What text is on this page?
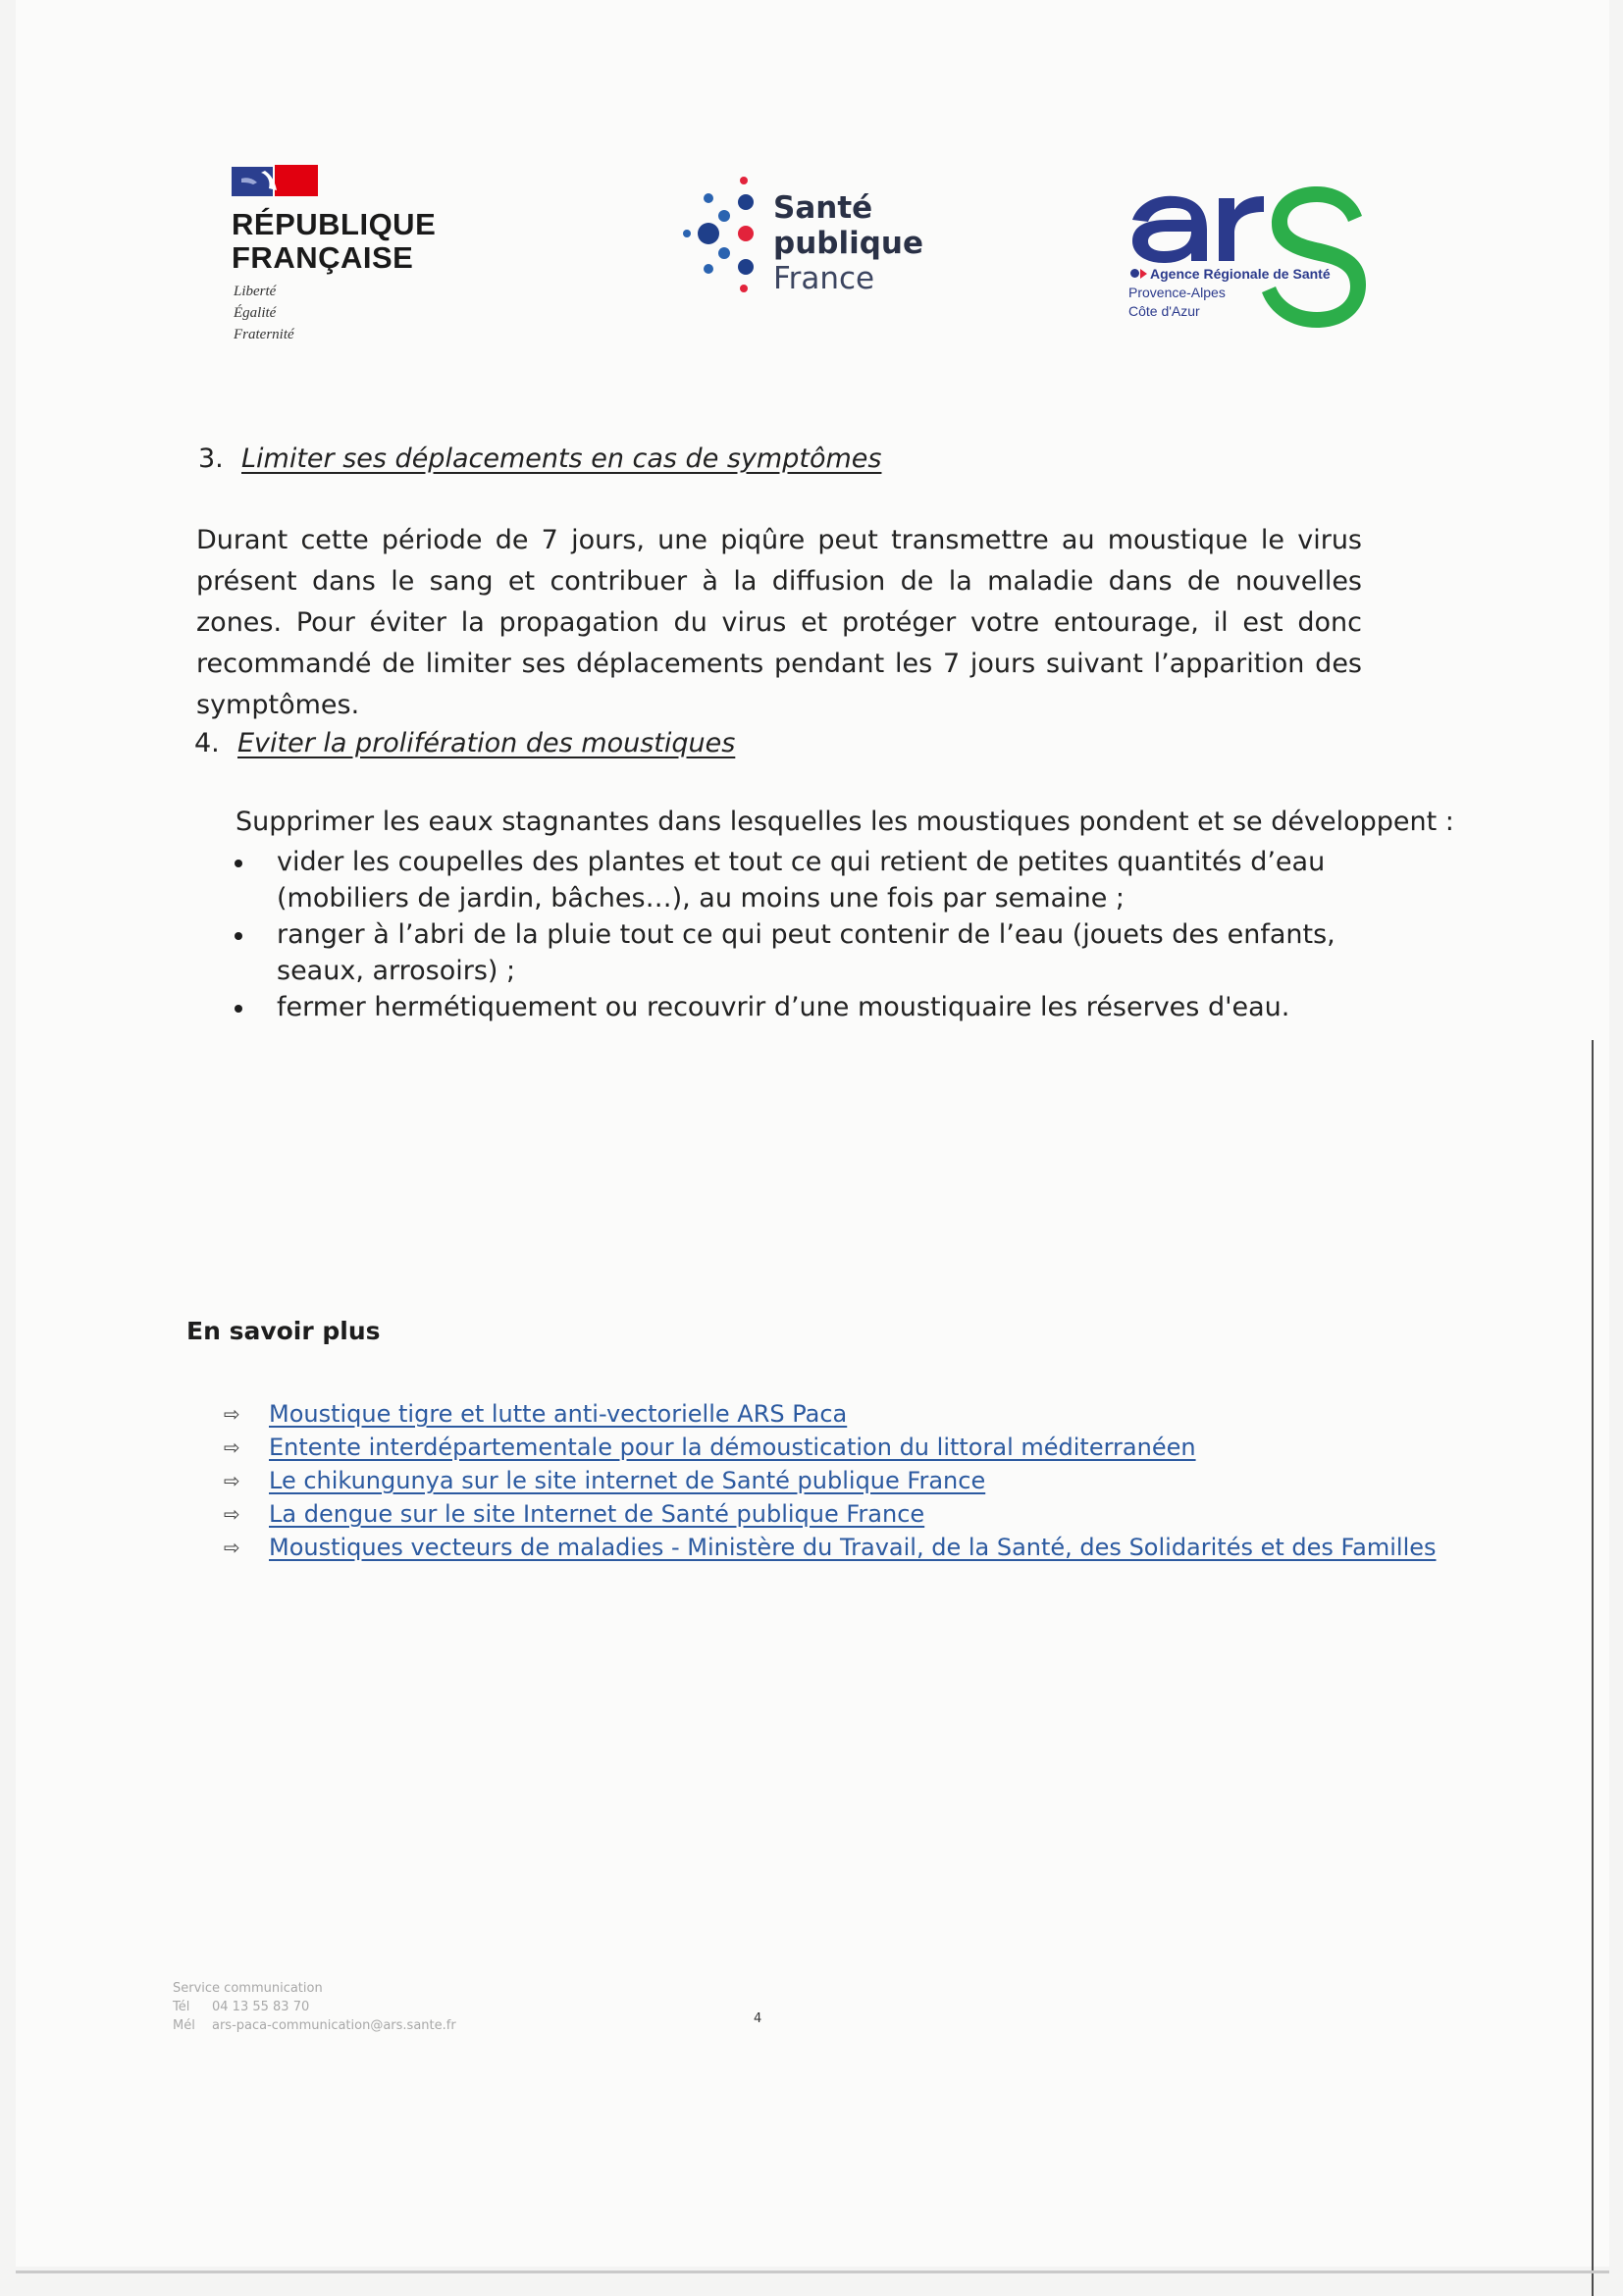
RÉPUBLIQUE
FRANÇAISE
Liberté
Égalité
Fraternité
Santé
publique
France	Agence Régionale de Santé
Provence-Alpes
Côte d'Azur
3. Limiter ses déplacements en cas de symptômes
Durant cette période de 7 jours, une piqûre peut transmettre au moustique le virus présent dans le sang et contribuer à la diffusion de la maladie dans de nouvelles zones. Pour éviter la propagation du virus et protéger votre entourage, il est donc recommandé de limiter ses déplacements pendant les 7 jours suivant l’apparition des symptômes.
4. Eviter la prolifération des moustiques
Supprimer les eaux stagnantes dans lesquelles les moustiques pondent et se développent :
vider les coupelles des plantes et tout ce qui retient de petites quantités d’eau (mobiliers de jardin, bâches…), au moins une fois par semaine ;
ranger à l’abri de la pluie tout ce qui peut contenir de l’eau (jouets des enfants, seaux, arrosoirs) ;
fermer hermétiquement ou recouvrir d’une moustiquaire les réserves d'eau.
En savoir plus
⇨ Moustique tigre et lutte anti-vectorielle ARS Paca
⇨ Entente interdépartementale pour la démoustication du littoral méditerranéen
⇨ Le chikungunya sur le site internet de Santé publique France
⇨ La dengue sur le site Internet de Santé publique France
⇨ Moustiques vecteurs de maladies - Ministère du Travail, de la Santé, des Solidarités et des Familles
Service communication
Tél 04 13 55 83 70
Mél ars-paca-communication@ars.sante.fr	4
